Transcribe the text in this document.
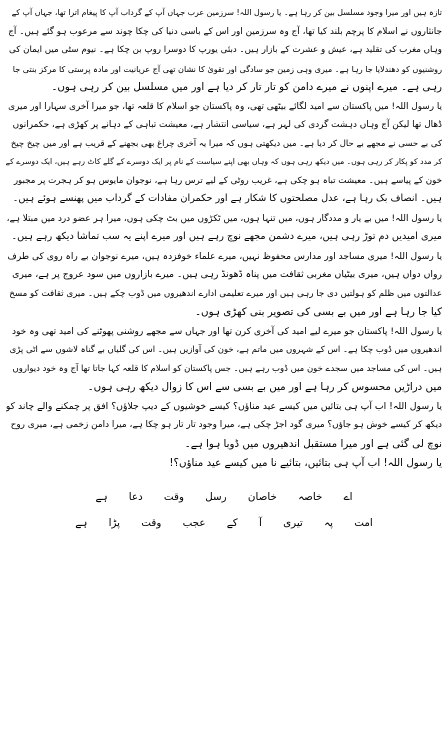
تازہ ہیں اور میرا وجود مسلسل بین کر رہا ہے۔ یا رسول اللہ! سرزمین عرب جہاں آپ کے گرداب آپ کا پیغام اترا تھا، جہاں آپ کے

جانثاروں نے اسلام کا پرچم بلند کیا تھا، آج وہ سرزمین اور اس کے باسی دنیا کی چکا چوند سے مرعوب ہو گئے ہیں۔ آج

وہاں مغرب کی تقلید ہے، عیش و عشرت کے بازار ہیں۔ دبئی یورپ کا دوسرا روپ بن چکا ہے۔ نیوم سٹی میں ایمان کی

روشنیوں کو دھندلایا جا رہا ہے۔ میری وہی زمین جو سادگی اور تقویٰ کا نشان تھی آج عریانیت اور مادہ پرستی کا مرکز بنتی جا

رہی ہے۔ میرے اپنوں نے میرے دامن کو تار تار کر دیا ہے اور میں مسلسل بین کر رہی ہوں۔

یا رسول اللہ! میں پاکستان سے امید لگائے بیٹھی تھی، وہ پاکستان جو اسلام کا قلعہ تھا، جو میرا آخری سہارا اور میری

ڈھال تھا لیکن آج وہاں دہشت گردی کی لہر ہے، سیاسی انتشار ہے، معیشت تباہی کے دہانے پر کھڑی ہے، حکمرانوں

کی بے حسی نے مجھے بے حال کر دیا ہے۔ میں دیکھتی ہوں کہ میرا یہ آخری چراغ بھی بجھنے کے قریب ہے اور میں چیخ چیخ

کر مدد کو پکار کر رہی ہوں۔ میں دیکھ رہی ہوں کہ وہاں بھی اپنے سیاست کے نام پر ایک دوسرے کے گلے کاٹ رہے ہیں، ایک دوسرے کے

خون کے پیاسے ہیں۔ معیشت تباہ ہو چکی ہے، غریب روٹی کے لیے ترس رہا ہے، نوجوان مایوس ہو کر ہجرت پر مجبور

ہیں۔ انصاف بک رہا ہے، عدل مصلحتوں کا شکار ہے اور حکمران مفادات کے گرداب میں پھنسے ہوئے ہیں۔

یا رسول اللہ! میں بے یار و مددگار ہوں، میں تنہا ہوں، میں ٹکڑوں میں بٹ چکی ہوں، میرا ہر عضو درد میں مبتلا ہے،

میری امیدیں دم توڑ رہی ہیں، میرے دشمن مجھے نوچ رہے ہیں اور میرے اپنے یہ سب تماشا دیکھ رہے ہیں۔

یا رسول اللہ! میری مساجد اور مدارس محفوظ نہیں، میرے علماء خوفزدہ ہیں، میرے نوجوان بے راہ روی کی طرف

رواں دواں ہیں، میری بیٹیاں مغربی ثقافت میں پناہ ڈھونڈ رہی ہیں۔ میرے بازاروں میں سود عروج پر ہے، میری

عدالتوں میں ظلم کو ہولتیں دی جا رہی ہیں اور میرے تعلیمی ادارے اندھیروں میں ڈوب چکے ہیں۔ میری ثقافت کو مسخ

کیا جا رہا ہے اور میں بے بسی کی تصویر بنی کھڑی ہوں۔

یا رسول اللہ! پاکستان جو میرے لیے امید کی آخری کرن تھا اور جہاں سے مجھے روشنی پھوٹنے کی امید تھی وہ خود

اندھیروں میں ڈوب چکا ہے۔ اس کے شہروں میں ماتم ہے، خون کی آوازیں ہیں۔ اس کی گلیاں بے گناہ لاشوں سے اٹی پڑی

ہیں۔ اس کی مساجد میں سجدے خون میں ڈوب رہے ہیں۔ جس پاکستان کو اسلام کا قلعہ کہا جاتا تھا آج وہ خود دیواروں

میں دراڑیں محسوس کر رہا ہے اور میں بے بسی سے اس کا زوال دیکھ رہی ہوں۔

یا رسول اللہ! اب آپ ہی بتائیں میں کیسے عید مناؤں؟ کیسے خوشیوں کے دیپ جلاؤں؟ افق پر چمکنے والے چاند کو

دیکھ کر کیسے خوش ہو جاؤں؟ میری گود اجڑ چکی ہے، میرا وجود تار تار ہو چکا ہے، میرا دامن زخمی ہے، میری روح

نوچ لی گئی ہے اور میرا مستقبل اندھیروں میں ڈوبا ہوا ہے۔

یا رسول اللہ! اب آپ ہی بتائیں، بتائیے نا میں کیسے عید مناؤں؟!

اے خاصہ خاصان رسل وقت دعا ہے

امت پہ تیری آ کے عجب وقت پڑا ہے
